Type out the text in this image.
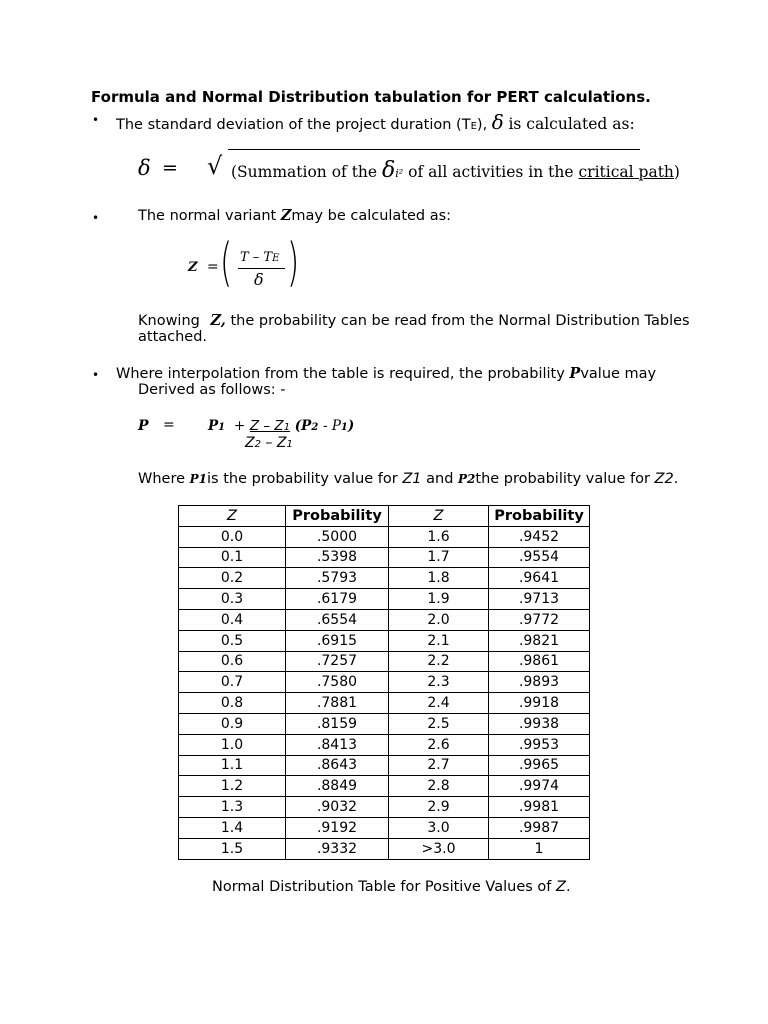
Formula and Normal Distribution tabulation for PERT calculations.
• The standard deviation of the project duration (TE), δ is calculated as:
δ = √ (Summation of the δi² of all activities in the critical path)
•	The normal variant Zmay be calculated as:
Z = ( T – TE
δ )
Knowing Z, the probability can be read from the Normal Distribution Tables
attached.
• Where interpolation from the table is required, the probability Pvalue may
Derived as follows: -
P = P1 + Z – Z1 (P2 - P1)
Z2 – Z1
Where P1is the probability value for Z1 and P2the probability value for Z2.
Z	Probability	Z	Probability
0.0	.5000	1.6	.9452
0.1	.5398	1.7	.9554
0.2	.5793	1.8	.9641
0.3	.6179	1.9	.9713
0.4	.6554	2.0	.9772
0.5	.6915	2.1	.9821
0.6	.7257	2.2	.9861
0.7	.7580	2.3	.9893
0.8	.7881	2.4	.9918
0.9	.8159	2.5	.9938
1.0	.8413	2.6	.9953
1.1	.8643	2.7	.9965
1.2	.8849	2.8	.9974
1.3	.9032	2.9	.9981
1.4	.9192	3.0	.9987
1.5	.9332	>3.0	1
Normal Distribution Table for Positive Values of Z.
